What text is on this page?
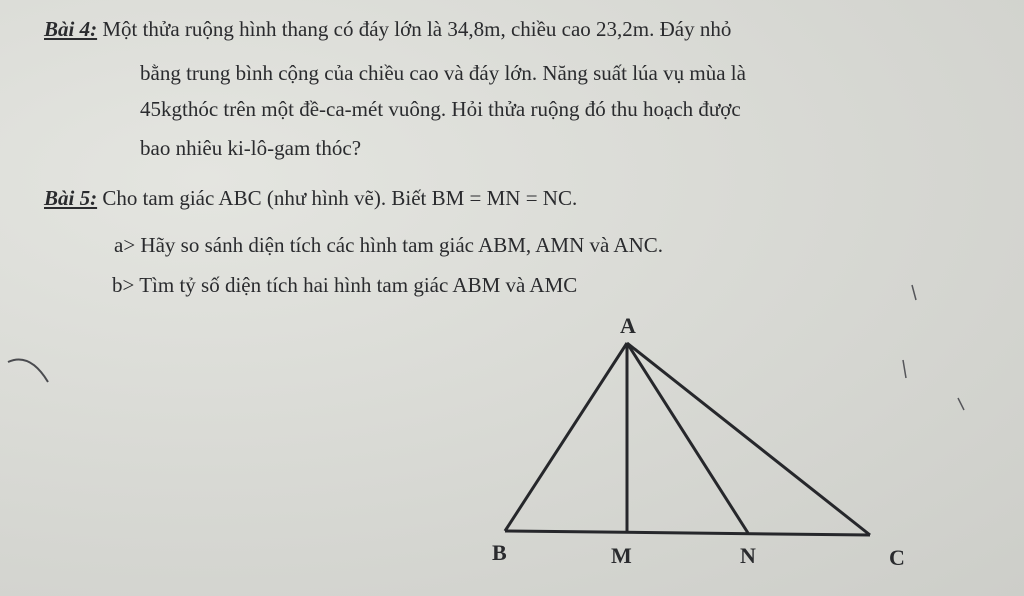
Bài 4: Một thửa ruộng hình thang có đáy lớn là 34,8m, chiều cao 23,2m. Đáy nhỏ
bằng trung bình cộng của chiều cao và đáy lớn. Năng suất lúa vụ mùa là
45kgthóc trên một đề-ca-mét vuông. Hỏi thửa ruộng đó thu hoạch được
bao nhiêu ki-lô-gam thóc?
Bài 5: Cho tam giác ABC (như hình vẽ). Biết BM = MN = NC.
a> Hãy so sánh diện tích các hình tam giác ABM, AMN và ANC.
b> Tìm tỷ số diện tích hai hình tam giác ABM và AMC
A
B	M	N	C
